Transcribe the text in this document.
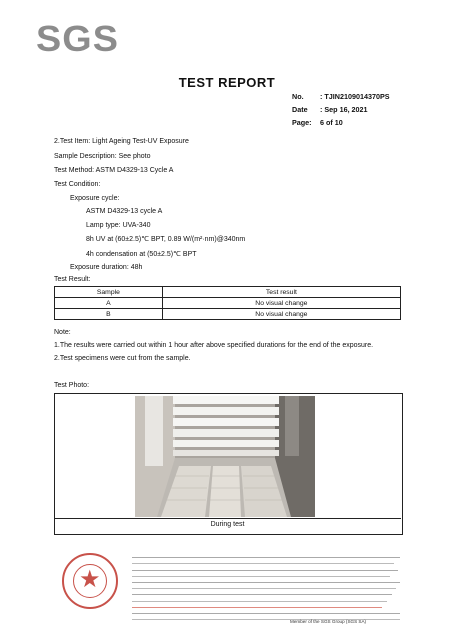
SGS
TEST REPORT
No. : TJIN2109014370PS
Date : Sep 16, 2021
Page: 6 of 10
2.Test Item: Light Ageing Test-UV Exposure
Sample Description: See photo
Test Method: ASTM D4329-13 Cycle A
Test Condition:
Exposure cycle:
ASTM D4329-13 cycle A
Lamp type: UVA-340
8h UV at (60±2.5)℃ BPT, 0.89 W/(m²·nm)@340nm
4h condensation at (50±2.5)℃ BPT
Exposure duration: 48h
Test Result:
Sample	Test result
A	No visual change
B	No visual change
Note:
1.The results were carried out within 1 hour after above specified durations for the end of the exposure.
2.Test specimens were cut from the sample.
Test Photo:
During test
★
Member of the SGS Group (SGS SA)
